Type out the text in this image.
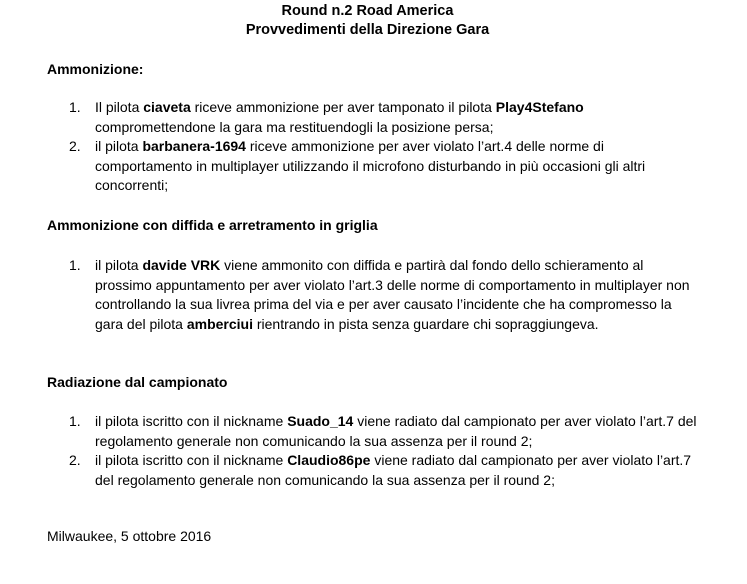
Round n.2 Road America
Provvedimenti della Direzione Gara
Ammonizione:
1. Il pilota ciaveta riceve ammonizione per aver tamponato il pilota Play4Stefano compromettendone la gara ma restituendogli la posizione persa;
2. il pilota barbanera-1694 riceve ammonizione per aver violato l’art.4 delle norme di comportamento in multiplayer utilizzando il microfono disturbando in più occasioni gli altri concorrenti;
Ammonizione con diffida e arretramento in griglia
1. il pilota davide VRK viene ammonito con diffida e partirà dal fondo dello schieramento al prossimo appuntamento per aver violato l’art.3 delle norme di comportamento in multiplayer non controllando la sua livrea prima del via e per aver causato l’incidente che ha compromesso la gara del pilota amberciui rientrando in pista senza guardare chi sopraggiungeva.
Radiazione dal campionato
1. il pilota iscritto con il nickname Suado_14 viene radiato dal campionato per aver violato l’art.7 del regolamento generale non comunicando la sua assenza per il round 2;
2. il pilota iscritto con il nickname Claudio86pe viene radiato dal campionato per aver violato l’art.7 del regolamento generale non comunicando la sua assenza per il round 2;
Milwaukee, 5 ottobre 2016
